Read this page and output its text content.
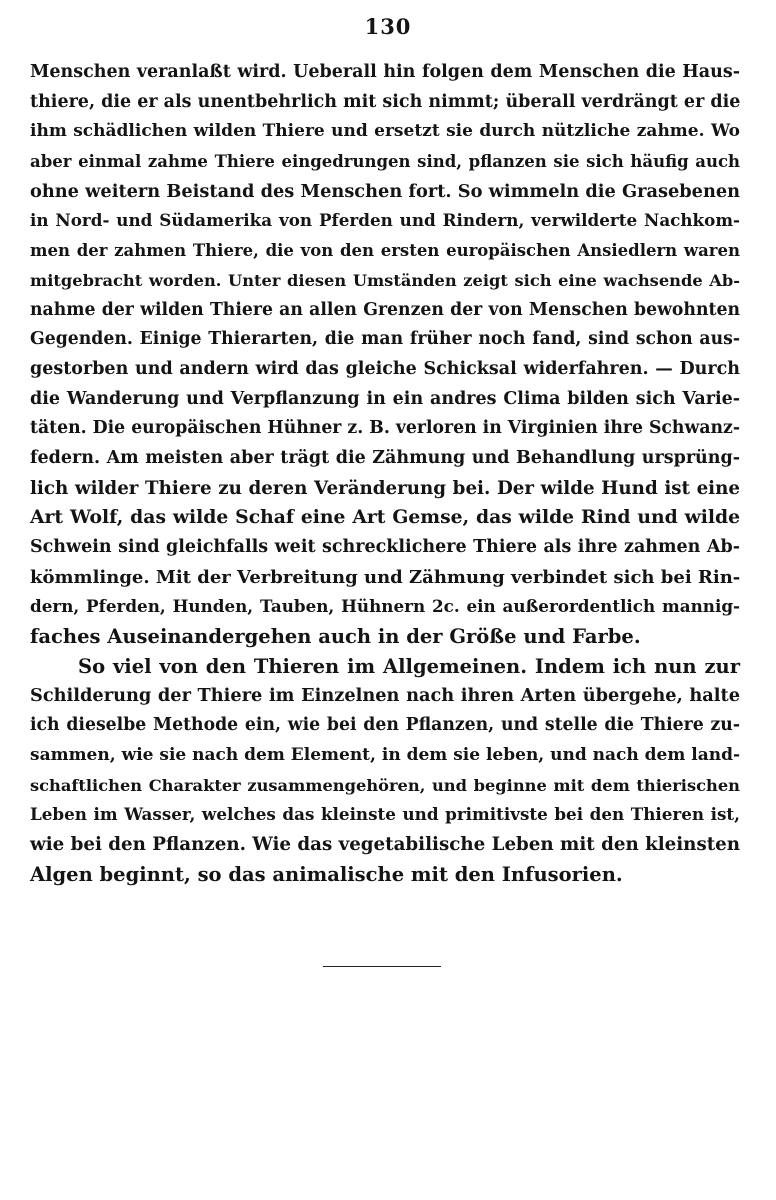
130
Menschen veranlaßt wird. Ueberall hin folgen dem Menschen die Haus-
thiere, die er als unentbehrlich mit sich nimmt; überall verdrängt er die
ihm schädlichen wilden Thiere und ersetzt sie durch nützliche zahme. Wo
aber einmal zahme Thiere eingedrungen sind, pflanzen sie sich häufig auch
ohne weitern Beistand des Menschen fort. So wimmeln die Grasebenen
in Nord- und Südamerika von Pferden und Rindern, verwilderte Nachkom-
men der zahmen Thiere, die von den ersten europäischen Ansiedlern waren
mitgebracht worden. Unter diesen Umständen zeigt sich eine wachsende Ab-
nahme der wilden Thiere an allen Grenzen der von Menschen bewohnten
Gegenden. Einige Thierarten, die man früher noch fand, sind schon aus-
gestorben und andern wird das gleiche Schicksal widerfahren. — Durch
die Wanderung und Verpflanzung in ein andres Clima bilden sich Varie-
täten. Die europäischen Hühner z. B. verloren in Virginien ihre Schwanz-
federn. Am meisten aber trägt die Zähmung und Behandlung ursprüng-
lich wilder Thiere zu deren Veränderung bei. Der wilde Hund ist eine
Art Wolf, das wilde Schaf eine Art Gemse, das wilde Rind und wilde
Schwein sind gleichfalls weit schrecklichere Thiere als ihre zahmen Ab-
kömmlinge. Mit der Verbreitung und Zähmung verbindet sich bei Rin-
dern, Pferden, Hunden, Tauben, Hühnern 2c. ein außerordentlich mannig-
faches Auseinandergehen auch in der Größe und Farbe.
So viel von den Thieren im Allgemeinen. Indem ich nun zur
Schilderung der Thiere im Einzelnen nach ihren Arten übergehe, halte
ich dieselbe Methode ein, wie bei den Pflanzen, und stelle die Thiere zu-
sammen, wie sie nach dem Element, in dem sie leben, und nach dem land-
schaftlichen Charakter zusammengehören, und beginne mit dem thierischen
Leben im Wasser, welches das kleinste und primitivste bei den Thieren ist,
wie bei den Pflanzen. Wie das vegetabilische Leben mit den kleinsten
Algen beginnt, so das animalische mit den Infusorien.
